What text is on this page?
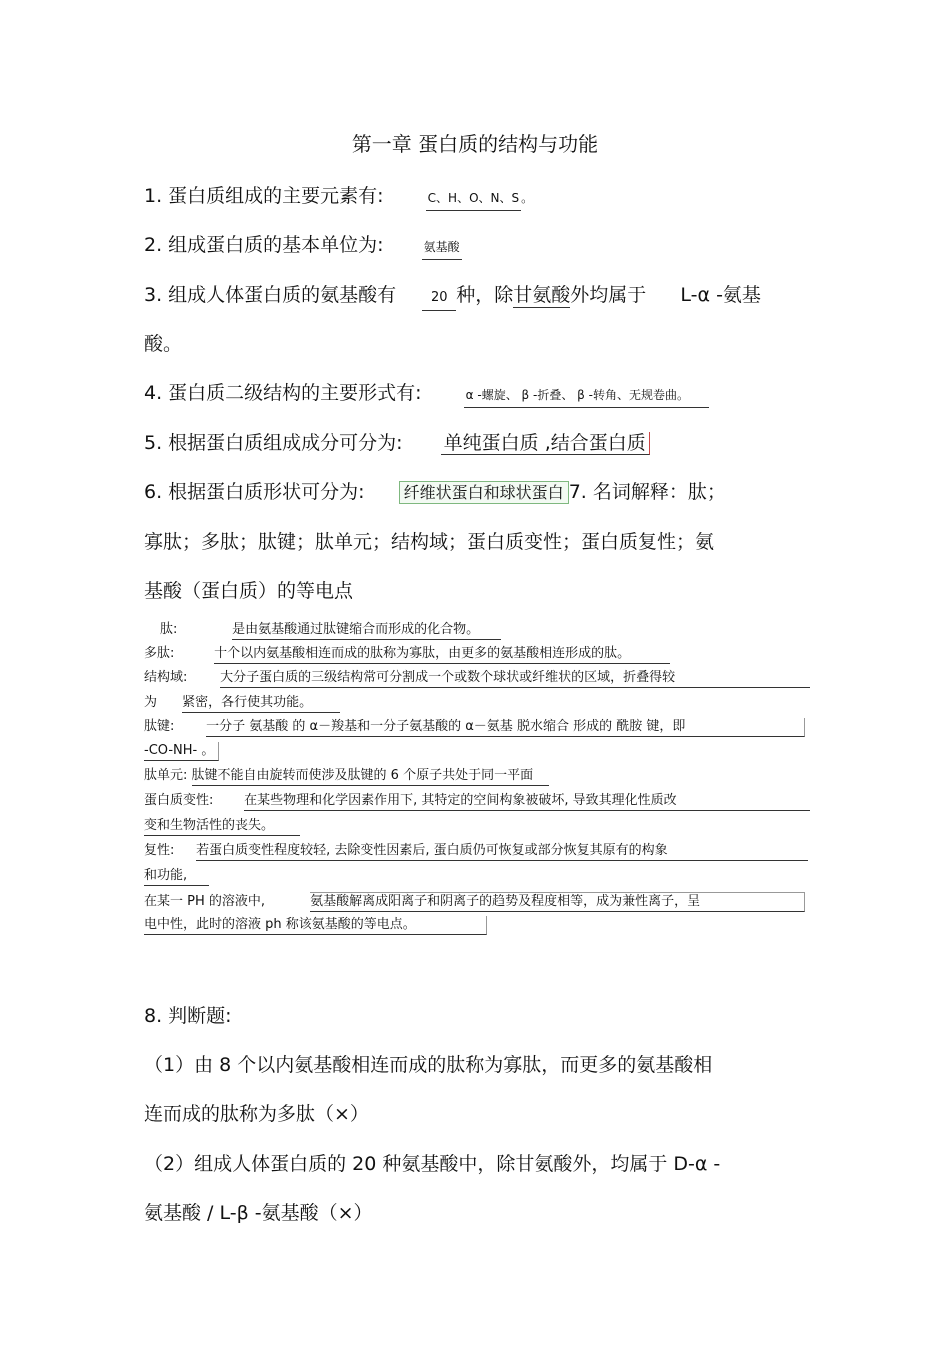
第一章 蛋白质的结构与功能
1. 蛋白质组成的主要元素有:	C、H、O、N、S 。
2. 组成蛋白质的基本单位为:	氨基酸
3. 组成人体蛋白质的氨基酸有	20 种，除甘氨酸外均属于 L-α -氨基
酸。
4. 蛋白质二级结构的主要形式有:	α -螺旋、 β -折叠、 β -转角、无规卷曲。
5. 根据蛋白质组成成分可分为: 单纯蛋白质 ,结合蛋白质
6. 根据蛋白质形状可分为: 纤维状蛋白和球状蛋白 7. 名词解释：肽；
寡肽；多肽；肽键；肽单元；结构域；蛋白质变性；蛋白质复性；氨
基酸（蛋白质）的等电点
肽:	是由氨基酸通过肽键缩合而形成的化合物。
多肽:	十个以内氨基酸相连而成的肽称为寡肽，由更多的氨基酸相连形成的肽。
结构域:	大分子蛋白质的三级结构常可分割成一个或数个球状或纤维状的区域，折叠得较
为 紧密，各行使其功能。
肽键: 一分子 氨基酸 的 α－羧基和一分子氨基酸的 α－氨基 脱水缩合 形成的 酰胺 键，即
-CO-NH- 。
肽单元: 肽键不能自由旋转而使涉及肽键的 6 个原子共处于同一平面
蛋白质变性: 在某些物理和化学因素作用下, 其特定的空间构象被破坏, 导致其理化性质改
变和生物活性的丧失。
复性: 若蛋白质变性程度较轻, 去除变性因素后, 蛋白质仍可恢复或部分恢复其原有的构象
和功能,
在某一 PH 的溶液中,	氨基酸解离成阳离子和阴离子的趋势及程度相等，成为兼性离子，呈
电中性，此时的溶液 ph 称该氨基酸的等电点。
8. 判断题:
（1）由 8 个以内氨基酸相连而成的肽称为寡肽，而更多的氨基酸相
连而成的肽称为多肽（×）
（2）组成人体蛋白质的 20 种氨基酸中，除甘氨酸外，均属于 D-α -
氨基酸 / L-β -氨基酸（×）
